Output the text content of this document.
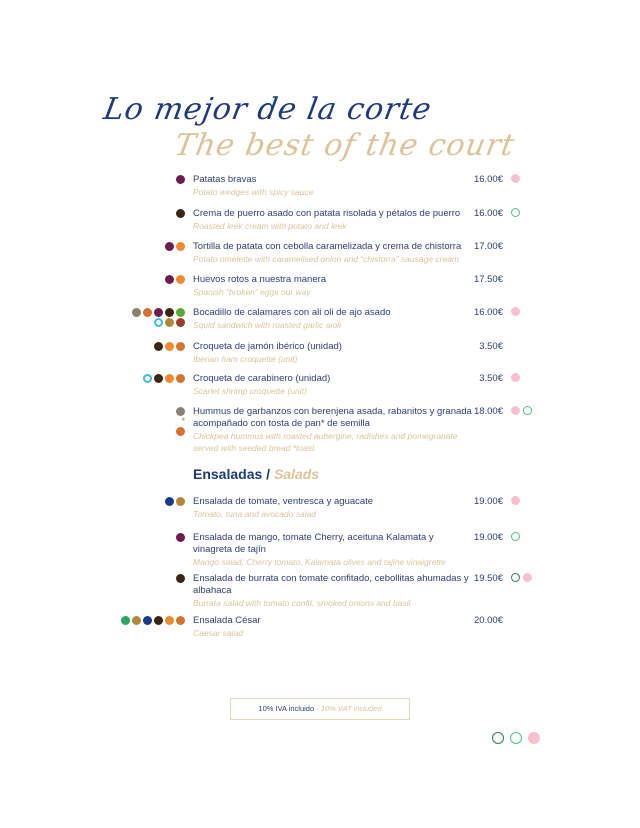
Lo mejor de la corte
The best of the court
Patatas bravas
Potato wedges with spicy sauce
16.00€
Crema de puerro asado con patata risolada y pétalos de puerro
Roasted leek cream with potato and leek
16.00€
Tortilla de patata con cebolla caramelizada y crema de chistorra
Potato omelette with caramelised onion and “chistorra” sausage cream
17.00€
Huevos rotos a nuestra manera
Spanish “broken” eggs our way
17.50€
Bocadillo de calamares con ali oli de ajo asado
Squid sandwich with roasted garlic aioli
16.00€
Croqueta de jamón ibérico (unidad)
Iberian ham croquette (unit)
3.50€
Croqueta de carabinero (unidad)
Scarlet shrimp croquette (unit)
3.50€
*
Hummus de garbanzos con berenjena asada, rabanitos y granada acompañado con tosta de pan* de semilla
Chickpea hummus with roasted aubergine, radishes and pomegranate served with seeded bread *toast
18.00€
Ensalada de tomate, ventresca y aguacate
Tomato, tuna and avocado salad
19.00€
Ensalada de mango, tomate Cherry, aceituna Kalamata y vinagreta de tajín
Mango salad, Cherry tomato, Kalamata olives and tajine vinaigrette
19.00€
Ensalada de burrata con tomate confitado, cebollitas ahumadas y albahaca
Burrata salad with tomato confit, smoked onions and basil
19.50€
Ensalada César
Caesar salad
20.00€
Ensaladas / Salads
10% IVA incluido - 10% VAT included
